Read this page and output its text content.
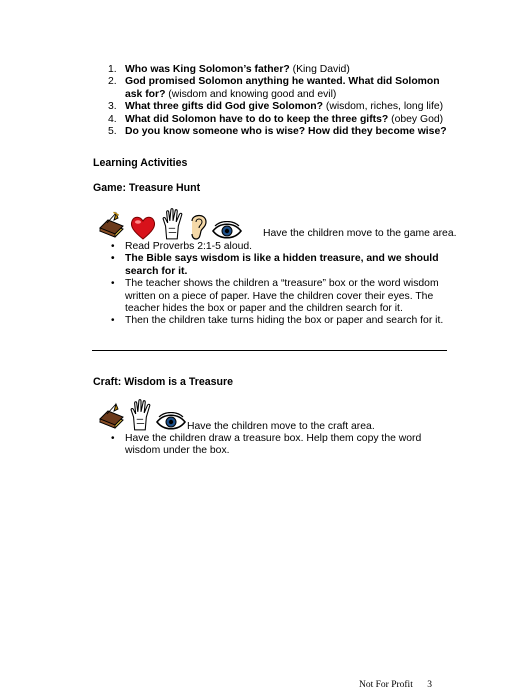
1. Who was King Solomon’s father? (King David)
2. God promised Solomon anything he wanted. What did Solomon ask for? (wisdom and knowing good and evil)
3. What three gifts did God give Solomon? (wisdom, riches, long life)
4. What did Solomon have to do to keep the three gifts? (obey God)
5. Do you know someone who is wise? How did they become wise?
Learning Activities
Game: Treasure Hunt
Have the children move to the game area.
• Read Proverbs 2:1-5 aloud.
• The Bible says wisdom is like a hidden treasure, and we should search for it.
• The teacher shows the children a “treasure” box or the word wisdom written on a piece of paper. Have the children cover their eyes. The teacher hides the box or paper and the children search for it.
• Then the children take turns hiding the box or paper and search for it.
Craft: Wisdom is a Treasure
Have the children move to the craft area.
• Have the children draw a treasure box. Help them copy the word wisdom under the box.
Not For Profit 3
